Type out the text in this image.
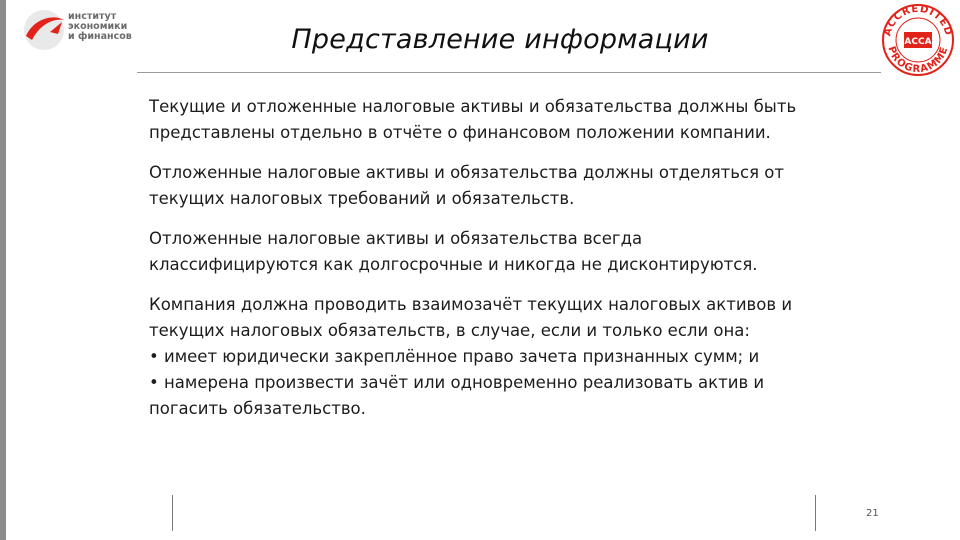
институт
экономики
и финансов	Представление информации	ACCREDITED
PROGRAMME
ACCA
Текущие и отложенные налоговые активы и обязательства должны быть
представлены отдельно в отчёте о финансовом положении компании.
Отложенные налоговые активы и обязательства должны отделяться от
текущих налоговых требований и обязательств.
Отложенные налоговые активы и обязательства всегда
классифицируются как долгосрочные и никогда не дисконтируются.
Компания должна проводить взаимозачёт текущих налоговых активов и
текущих налоговых обязательств, в случае, если и только если она:
• имеет юридически закреплённое право зачета признанных сумм; и
• намерена произвести зачёт или одновременно реализовать актив и
погасить обязательство.
21
